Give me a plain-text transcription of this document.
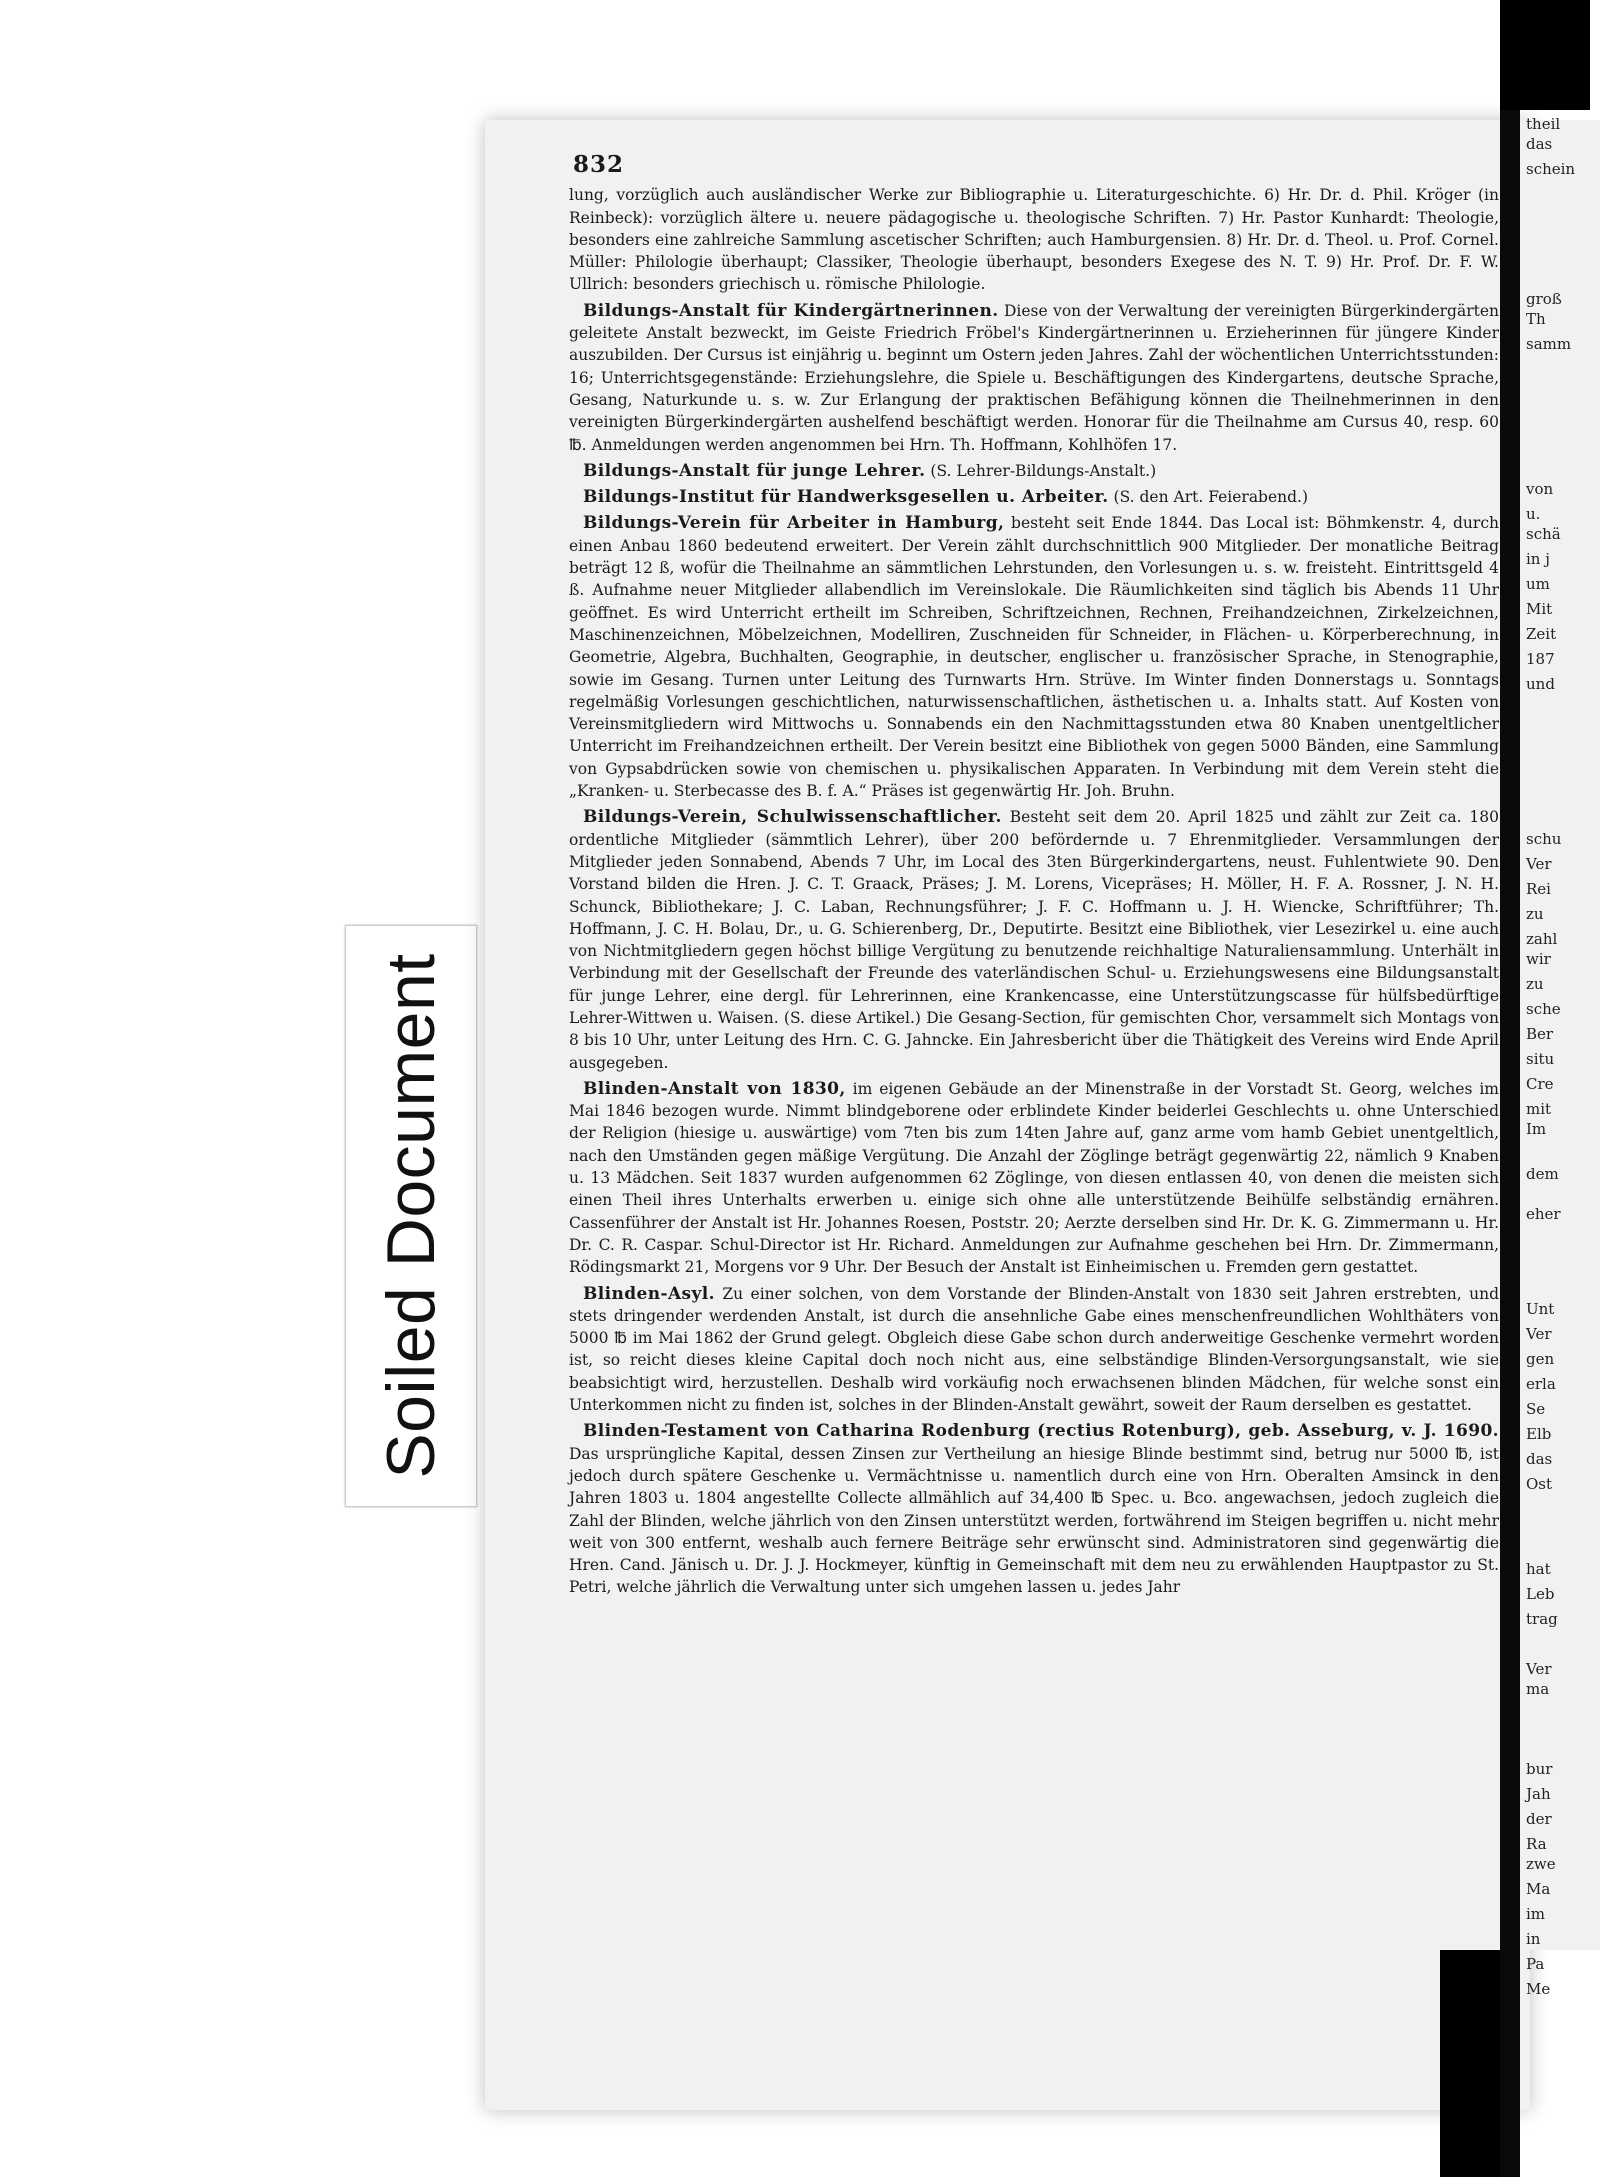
Soiled Document
832

lung, vorzüglich auch ausländischer Werke zur Bibliographie u. Literaturgeschichte. 6) Hr. Dr. d. Phil. Kröger (in Reinbeck): vorzüglich ältere u. neuere pädagogische u. theologische Schriften. 7) Hr. Pastor Kunhardt: Theologie, besonders eine zahlreiche Sammlung ascetischer Schriften; auch Hamburgensien. 8) Hr. Dr. d. Theol. u. Prof. Cornel. Müller: Philologie überhaupt; Classiker, Theologie überhaupt, besonders Exegese des N. T. 9) Hr. Prof. Dr. F. W. Ullrich: besonders griechisch u. römische Philologie.

Bildungs-Anstalt für Kindergärtnerinnen. Diese von der Verwaltung der vereinigten Bürgerkindergärten geleitete Anstalt bezweckt, im Geiste Friedrich Fröbel's Kindergärtnerinnen u. Erzieherinnen für jüngere Kinder auszubilden. Der Cursus ist einjährig u. beginnt um Ostern jeden Jahres. Zahl der wöchentlichen Unterrichtsstunden: 16; Unterrichtsgegenstände: Erziehungslehre, die Spiele u. Beschäftigungen des Kindergartens, deutsche Sprache, Gesang, Naturkunde u. s. w. Zur Erlangung der praktischen Befähigung können die Theilnehmerinnen in den vereinigten Bürgerkindergärten aushelfend beschäftigt werden. Honorar für die Theilnahme am Cursus 40, resp. 60 ℔. Anmeldungen werden angenommen bei Hrn. Th. Hoffmann, Kohlhöfen 17.

Bildungs-Anstalt für junge Lehrer. (S. Lehrer-Bildungs-Anstalt.)

Bildungs-Institut für Handwerksgesellen u. Arbeiter. (S. den Art. Feierabend.)

Bildungs-Verein für Arbeiter in Hamburg, besteht seit Ende 1844. Das Local ist: Böhmkenstr. 4, durch einen Anbau 1860 bedeutend erweitert. Der Verein zählt durchschnittlich 900 Mitglieder. Der monatliche Beitrag beträgt 12 ß, wofür die Theilnahme an sämmtlichen Lehrstunden, den Vorlesungen u. s. w. freisteht. Eintrittsgeld 4 ß. Aufnahme neuer Mitglieder allabendlich im Vereinslokale. Die Räumlichkeiten sind täglich bis Abends 11 Uhr geöffnet. Es wird Unterricht ertheilt im Schreiben, Schriftzeichnen, Rechnen, Freihandzeichnen, Zirkelzeichnen, Maschinenzeichnen, Möbelzeichnen, Modelliren, Zuschneiden für Schneider, in Flächen- u. Körperberechnung, in Geometrie, Algebra, Buchhalten, Geographie, in deutscher, englischer u. französischer Sprache, in Stenographie, sowie im Gesang. Turnen unter Leitung des Turnwarts Hrn. Strüve. Im Winter finden Donnerstags u. Sonntags regelmäßig Vorlesungen geschichtlichen, naturwissenschaftlichen, ästhetischen u. a. Inhalts statt. Auf Kosten von Vereinsmitgliedern wird Mittwochs u. Sonnabends ein den Nachmittagsstunden etwa 80 Knaben unentgeltlicher Unterricht im Freihandzeichnen ertheilt. Der Verein besitzt eine Bibliothek von gegen 5000 Bänden, eine Sammlung von Gypsabdrücken sowie von chemischen u. physikalischen Apparaten. In Verbindung mit dem Verein steht die „Kranken- u. Sterbecasse des B. f. A.“ Präses ist gegenwärtig Hr. Joh. Bruhn.

Bildungs-Verein, Schulwissenschaftlicher. Besteht seit dem 20. April 1825 und zählt zur Zeit ca. 180 ordentliche Mitglieder (sämmtlich Lehrer), über 200 befördernde u. 7 Ehrenmitglieder. Versammlungen der Mitglieder jeden Sonnabend, Abends 7 Uhr, im Local des 3ten Bürgerkindergartens, neust. Fuhlentwiete 90. Den Vorstand bilden die Hren. J. C. T. Graack, Präses; J. M. Lorens, Vicepräses; H. Möller, H. F. A. Rossner, J. N. H. Schunck, Bibliothekare; J. C. Laban, Rechnungsführer; J. F. C. Hoffmann u. J. H. Wiencke, Schriftführer; Th. Hoffmann, J. C. H. Bolau, Dr., u. G. Schierenberg, Dr., Deputirte. Besitzt eine Bibliothek, vier Lesezirkel u. eine auch von Nichtmitgliedern gegen höchst billige Vergütung zu benutzende reichhaltige Naturaliensammlung. Unterhält in Verbindung mit der Gesellschaft der Freunde des vaterländischen Schul- u. Erziehungswesens eine Bildungsanstalt für junge Lehrer, eine dergl. für Lehrerinnen, eine Krankencasse, eine Unterstützungscasse für hülfsbedürftige Lehrer-Wittwen u. Waisen. (S. diese Artikel.) Die Gesang-Section, für gemischten Chor, versammelt sich Montags von 8 bis 10 Uhr, unter Leitung des Hrn. C. G. Jahncke. Ein Jahresbericht über die Thätigkeit des Vereins wird Ende April ausgegeben.

Blinden-Anstalt von 1830, im eigenen Gebäude an der Minenstraße in der Vorstadt St. Georg, welches im Mai 1846 bezogen wurde. Nimmt blindgeborene oder erblindete Kinder beiderlei Geschlechts u. ohne Unterschied der Religion (hiesige u. auswärtige) vom 7ten bis zum 14ten Jahre auf, ganz arme vom hamb Gebiet unentgeltlich, nach den Umständen gegen mäßige Vergütung. Die Anzahl der Zöglinge beträgt gegenwärtig 22, nämlich 9 Knaben u. 13 Mädchen. Seit 1837 wurden aufgenommen 62 Zöglinge, von diesen entlassen 40, von denen die meisten sich einen Theil ihres Unterhalts erwerben u. einige sich ohne alle unterstützende Beihülfe selbständig ernähren. Cassenführer der Anstalt ist Hr. Johannes Roesen, Poststr. 20; Aerzte derselben sind Hr. Dr. K. G. Zimmermann u. Hr. Dr. C. R. Caspar. Schul-Director ist Hr. Richard. Anmeldungen zur Aufnahme geschehen bei Hrn. Dr. Zimmermann, Rödingsmarkt 21, Morgens vor 9 Uhr. Der Besuch der Anstalt ist Einheimischen u. Fremden gern gestattet.

Blinden-Asyl. Zu einer solchen, von dem Vorstande der Blinden-Anstalt von 1830 seit Jahren erstrebten, und stets dringender werdenden Anstalt, ist durch die ansehnliche Gabe eines menschenfreundlichen Wohlthäters von 5000 ℔ im Mai 1862 der Grund gelegt. Obgleich diese Gabe schon durch anderweitige Geschenke vermehrt worden ist, so reicht dieses kleine Capital doch noch nicht aus, eine selbständige Blinden-Versorgungsanstalt, wie sie beabsichtigt wird, herzustellen. Deshalb wird vorkäufig noch erwachsenen blinden Mädchen, für welche sonst ein Unterkommen nicht zu finden ist, solches in der Blinden-Anstalt gewährt, soweit der Raum derselben es gestattet.

Blinden-Testament von Catharina Rodenburg (rectius Rotenburg), geb. Asseburg, v. J. 1690. Das ursprüngliche Kapital, dessen Zinsen zur Vertheilung an hiesige Blinde bestimmt sind, betrug nur 5000 ℔, ist jedoch durch spätere Geschenke u. Vermächtnisse u. namentlich durch eine von Hrn. Oberalten Amsinck in den Jahren 1803 u. 1804 angestellte Collecte allmählich auf 34,400 ℔ Spec. u. Bco. angewachsen, jedoch zugleich die Zahl der Blinden, welche jährlich von den Zinsen unterstützt werden, fortwährend im Steigen begriffen u. nicht mehr weit von 300 entfernt, weshalb auch fernere Beiträge sehr erwünscht sind. Administratoren sind gegenwärtig die Hren. Cand. Jänisch u. Dr. J. J. Hockmeyer, künftig in Gemeinschaft mit dem neu zu erwählenden Hauptpastor zu St. Petri, welche jährlich die Verwaltung unter sich umgehen lassen u. jedes Jahr

theil
das
schein
groß
Th
samm
von
u.
schä
in j
um
Mit
Zeit
187
und
schu
Ver
Rei
zu
zahl
wir
zu
sche
Ber
situ
Cre
mit
Im
dem
eher
Unt
Ver
gen
erla
Se
Elb
das
Ost
hat
Leb
trag
Ver
ma
bur
Jah
der
Ra
zwe
Ma
im
in
Pa
Me
